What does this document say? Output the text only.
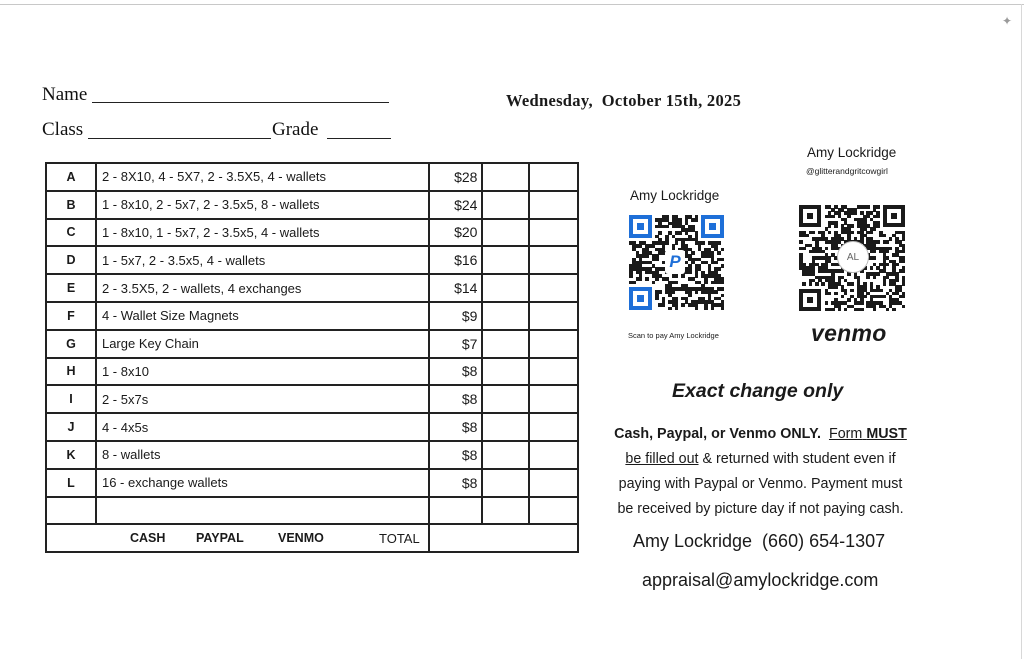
✦
Name
Class	Grade
Wednesday,  October 15th, 2025
A	2 - 8X10, 4 - 5X7, 2 - 3.5X5, 4 - wallets	$28		
B	1 - 8x10, 2 - 5x7, 2 - 3.5x5, 8 - wallets	$24		
C	1 - 8x10, 1 - 5x7, 2 - 3.5x5, 4 - wallets	$20		
D	1 - 5x7, 2 - 3.5x5, 4 - wallets	$16		
E	2 - 3.5X5, 2 - wallets, 4 exchanges	$14		
F	4 - Wallet Size Magnets	$9		
G	Large Key Chain	$7		
H	1 - 8x10	$8		
I	2 - 5x7s	$8		
J	4 - 4x5s	$8		
K	8 - wallets	$8		
L	16 - exchange wallets	$8		

CASH PAYPAL VENMO TOTAL				

Amy Lockridge
P
Scan to pay Amy Lockridge
Amy Lockridge
@glitterandgritcowgirl
AL
venmo
Exact change only
Cash, Paypal, or Venmo ONLY. Form MUST
be filled out & returned with student even if
paying with Paypal or Venmo. Payment must
be received by picture day if not paying cash.
Amy Lockridge  (660) 654-1307
appraisal@amylockridge.com
